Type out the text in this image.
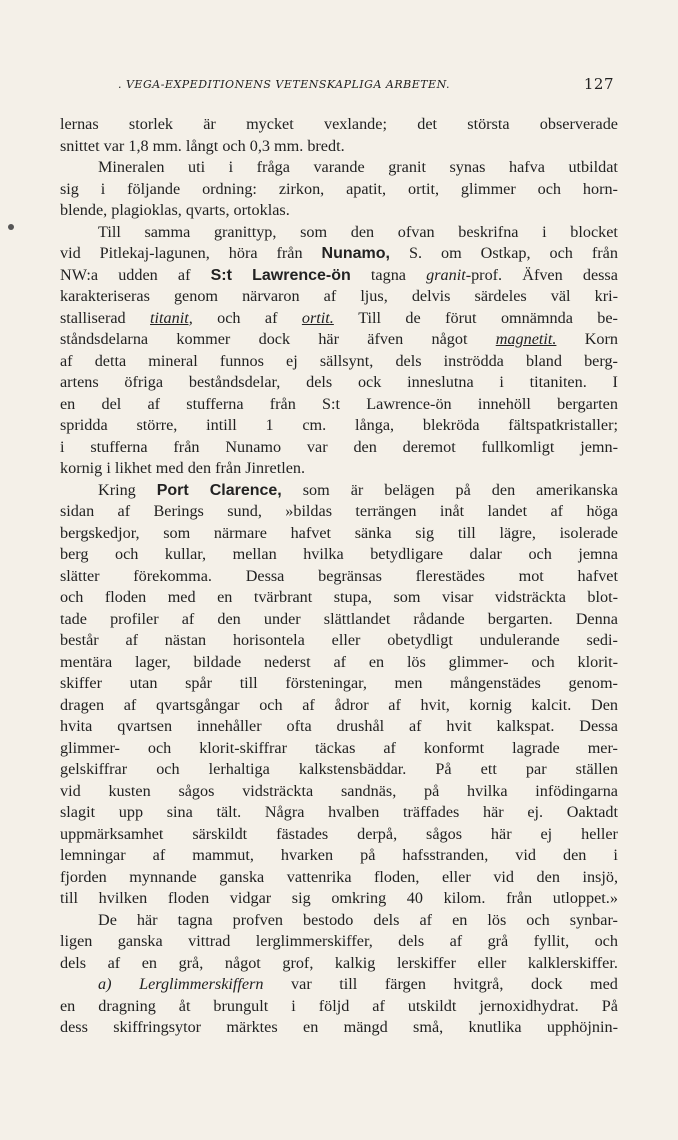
. VEGA-EXPEDITIONENS VETENSKAPLIGA ARBETEN.	127
lernas storlek är mycket vexlande; det största observerade
snittet var 1,8 mm. långt och 0,3 mm. bredt.
Mineralen uti i fråga varande granit synas hafva utbildat
sig i följande ordning: zirkon, apatit, ortit, glimmer och horn-
blende, plagioklas, qvarts, ortoklas.
Till samma granittyp, som den ofvan beskrifna i blocket
vid Pitlekaj-lagunen, höra från Nunamo, S. om Ostkap, och från
NW:a udden af S:t Lawrence-ön tagna granit-prof. Äfven dessa
karakteriseras genom närvaron af ljus, delvis särdeles väl kri-
stalliserad titanit, och af ortit. Till de förut omnämnda be-
ståndsdelarna kommer dock här äfven något magnetit. Korn
af detta mineral funnos ej sällsynt, dels inströdda bland berg-
artens öfriga beståndsdelar, dels ock inneslutna i titaniten. I
en del af stufferna från S:t Lawrence-ön innehöll bergarten
spridda större, intill 1 cm. långa, blekröda fältspatkristaller;
i stufferna från Nunamo var den deremot fullkomligt jemn-
kornig i likhet med den från Jinretlen.
Kring Port Clarence, som är belägen på den amerikanska
sidan af Berings sund, »bildas terrängen inåt landet af höga
bergskedjor, som närmare hafvet sänka sig till lägre, isolerade
berg och kullar, mellan hvilka betydligare dalar och jemna
slätter förekomma. Dessa begränsas flerestädes mot hafvet
och floden med en tvärbrant stupa, som visar vidsträckta blot-
tade profiler af den under slättlandet rådande bergarten. Denna
består af nästan horisontela eller obetydligt undulerande sedi-
mentära lager, bildade nederst af en lös glimmer- och klorit-
skiffer utan spår till försteningar, men mångenstädes genom-
dragen af qvartsgångar och af ådror af hvit, kornig kalcit. Den
hvita qvartsen innehåller ofta drushål af hvit kalkspat. Dessa
glimmer- och klorit-skiffrar täckas af konformt lagrade mer-
gelskiffrar och lerhaltiga kalkstensbäddar. På ett par ställen
vid kusten sågos vidsträckta sandnäs, på hvilka infödingarna
slagit upp sina tält. Några hvalben träffades här ej. Oaktadt
uppmärksamhet särskildt fästades derpå, sågos här ej heller
lemningar af mammut, hvarken på hafsstranden, vid den i
fjorden mynnande ganska vattenrika floden, eller vid den insjö,
till hvilken floden vidgar sig omkring 40 kilom. från utloppet.»
De här tagna profven bestodo dels af en lös och synbar-
ligen ganska vittrad lerglimmerskiffer, dels af grå fyllit, och
dels af en grå, något grof, kalkig lerskiffer eller kalklerskiffer.
a) Lerglimmerskiffern var till färgen hvitgrå, dock med
en dragning åt brungult i följd af utskildt jernoxidhydrat. På
dess skiffringsytor märktes en mängd små, knutlika upphöjnin-
